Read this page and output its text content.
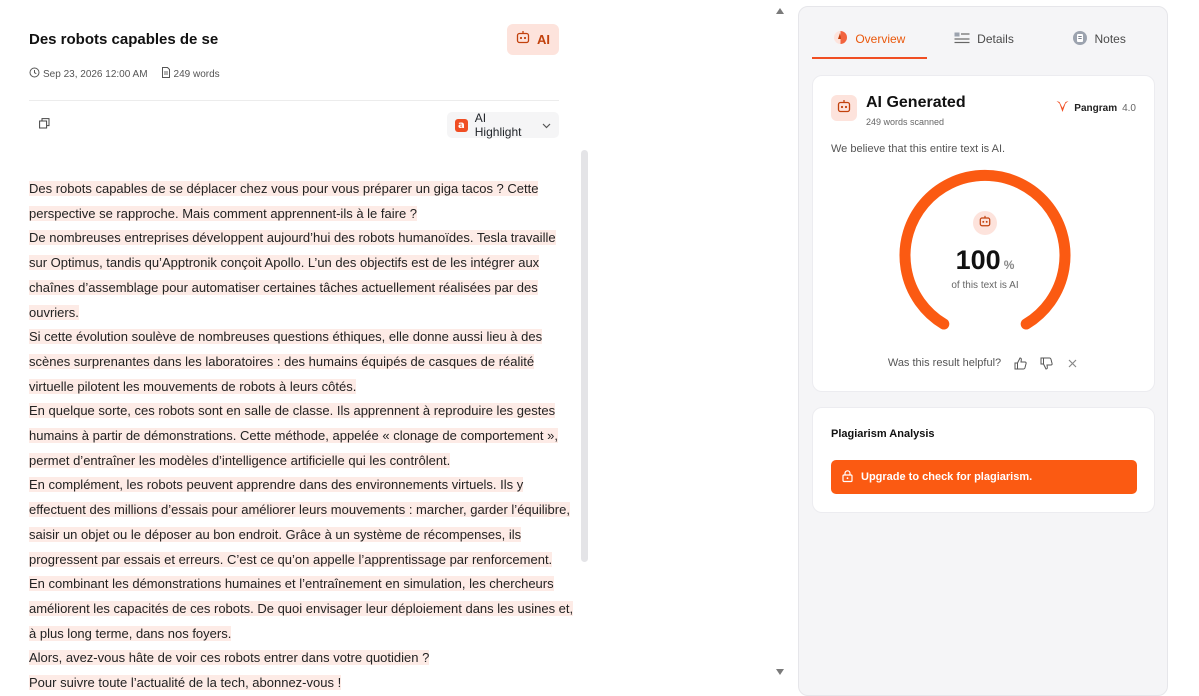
Des robots capables de se	AI
Sep 23, 2026 12:00 AM	249 words
a AI Highlight
Des robots capables de se déplacer chez vous pour vous préparer un giga tacos ? Cette perspective se rapproche. Mais comment apprennent-ils à le faire ?
De nombreuses entreprises développent aujourd’hui des robots humanoïdes. Tesla travaille sur Optimus, tandis qu’Apptronik conçoit Apollo. L’un des objectifs est de les intégrer aux chaînes d’assemblage pour automatiser certaines tâches actuellement réalisées par des ouvriers.
Si cette évolution soulève de nombreuses questions éthiques, elle donne aussi lieu à des scènes surprenantes dans les laboratoires : des humains équipés de casques de réalité virtuelle pilotent les mouvements de robots à leurs côtés.
En quelque sorte, ces robots sont en salle de classe. Ils apprennent à reproduire les gestes humains à partir de démonstrations. Cette méthode, appelée « clonage de comportement », permet d’entraîner les modèles d’intelligence artificielle qui les contrôlent.
En complément, les robots peuvent apprendre dans des environnements virtuels. Ils y effectuent des millions d’essais pour améliorer leurs mouvements : marcher, garder l’équilibre, saisir un objet ou le déposer au bon endroit. Grâce à un système de récompenses, ils progressent par essais et erreurs. C’est ce qu’on appelle l’apprentissage par renforcement.
En combinant les démonstrations humaines et l’entraînement en simulation, les chercheurs améliorent les capacités de ces robots. De quoi envisager leur déploiement dans les usines et, à plus long terme, dans nos foyers.
Alors, avez-vous hâte de voir ces robots entrer dans votre quotidien ?
Pour suivre toute l’actualité de la tech, abonnez-vous !
Overview	Details	Notes
AI Generated
249 words scanned
Pangram 4.0
We believe that this entire text is AI.
100 %
of this text is AI
Was this result helpful?
Plagiarism Analysis
Upgrade to check for plagiarism.
